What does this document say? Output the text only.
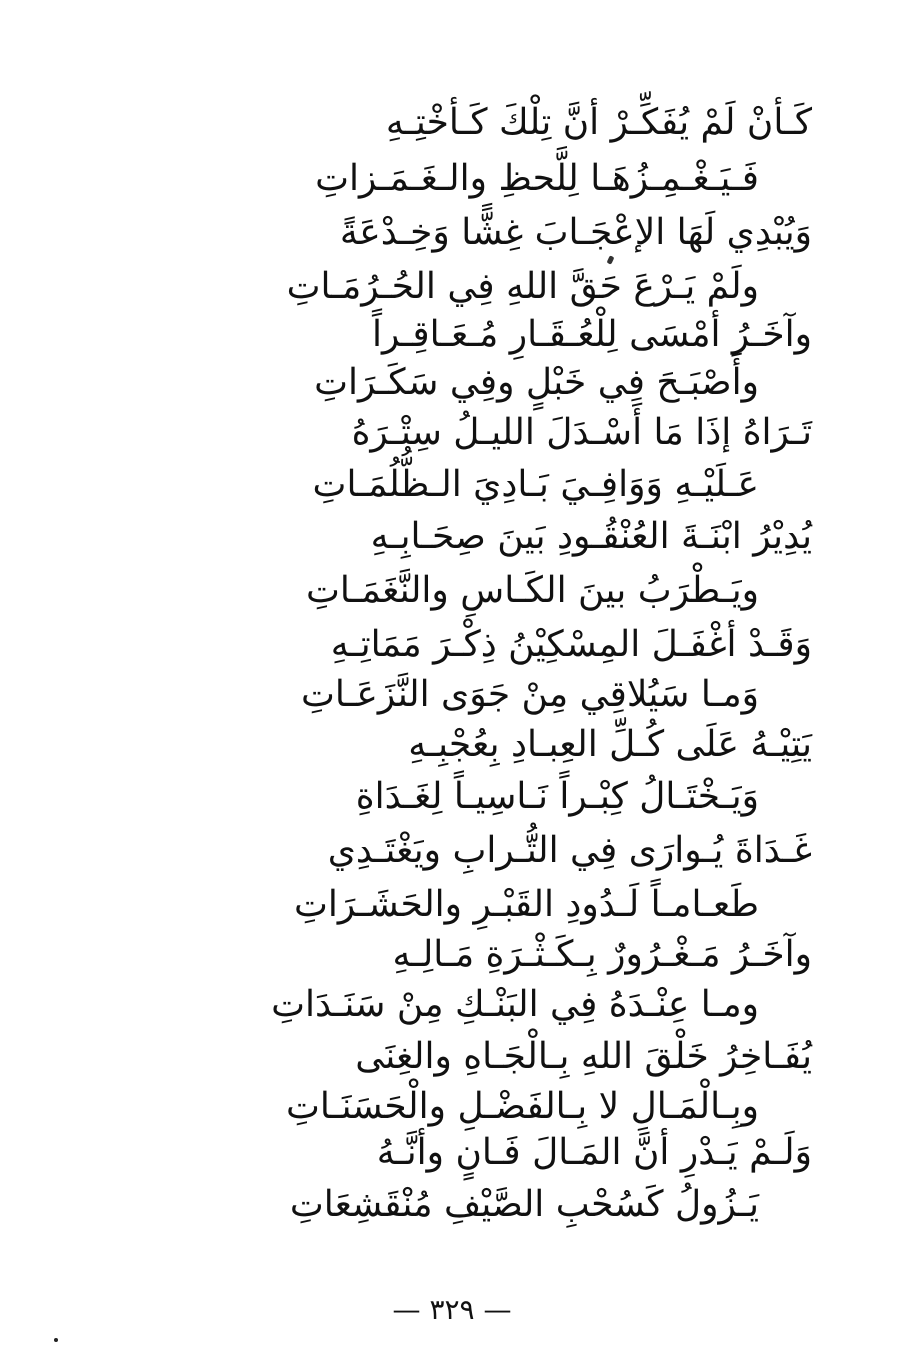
كَـأنْ لَمْ يُفَكِّـرْ أنَّ تِلْكَ كَـأخْتِـهِ
فَـيَـغْـمِـزُهَـا لِلَّحظِ والـغَـمَـزاتِ
وَيُبْدِي لَهَا الإعْجَـابَ غِشًّا وَخِـدْعَةً
ولَمْ يَـرْعَ حَقَّ اللهِ فِي الحُـرُمَـاتِ
وآخَـرُ أمْسَى لِلْعُـقَـارِ مُـعَـاقِـراً
وأَصْبَـحَ فِي خَبْلٍ وفِي سَكَـرَاتِ
تَـرَاهُ إذَا مَا أَسْـدَلَ الليـلُ سِتْـرَهُ
عَـلَيْـهِ وَوَافِـيَ بَـادِيَ الـظُّلُمَـاتِ
يُدِيْرُ ابْنَـةَ العُنْقُـودِ بَينَ صِحَـابِـهِ
ويَـطْرَبُ بينَ الكَـاسِ والنَّغَمَـاتِ
وَقَـدْ أغْفَـلَ المِسْكِيْنُ ذِكْـرَ مَمَاتِـهِ
وَمـا سَيُلاقِي مِنْ جَوَى النَّزَعَـاتِ
يَتِيْـهُ عَلَى كُـلِّ العِبـادِ بِعُجْبِـهِ
وَيَـخْتَـالُ كِبْـراً نَـاسِيـاً لِغَـدَاةِ
غَـدَاةَ يُـوارَى فِي التُّـرابِ ويَغْتَـدِي
طَعـامـاً لَـدُودِ القَبْـرِ والحَشَـرَاتِ
وآخَـرُ مَـغْـرُورٌ بِـكَـثْـرَةِ مَـالِـهِ
ومـا عِنْـدَهُ فِي البَنْـكِ مِنْ سَنَـدَاتِ
يُفَـاخِرُ خَلْقَ اللهِ بِـالْجَـاهِ والغِنَى
وبِـالْمَـالِ لا بِـالفَضْـلِ والْحَسَنَـاتِ
وَلَـمْ يَـدْرِ أنَّ المَـالَ فَـانٍ وأنَّـهُ
يَـزُولُ كَسُحْبِ الصَّيْفِ مُنْقَشِعَاتِ
— ٣٢٩ —
